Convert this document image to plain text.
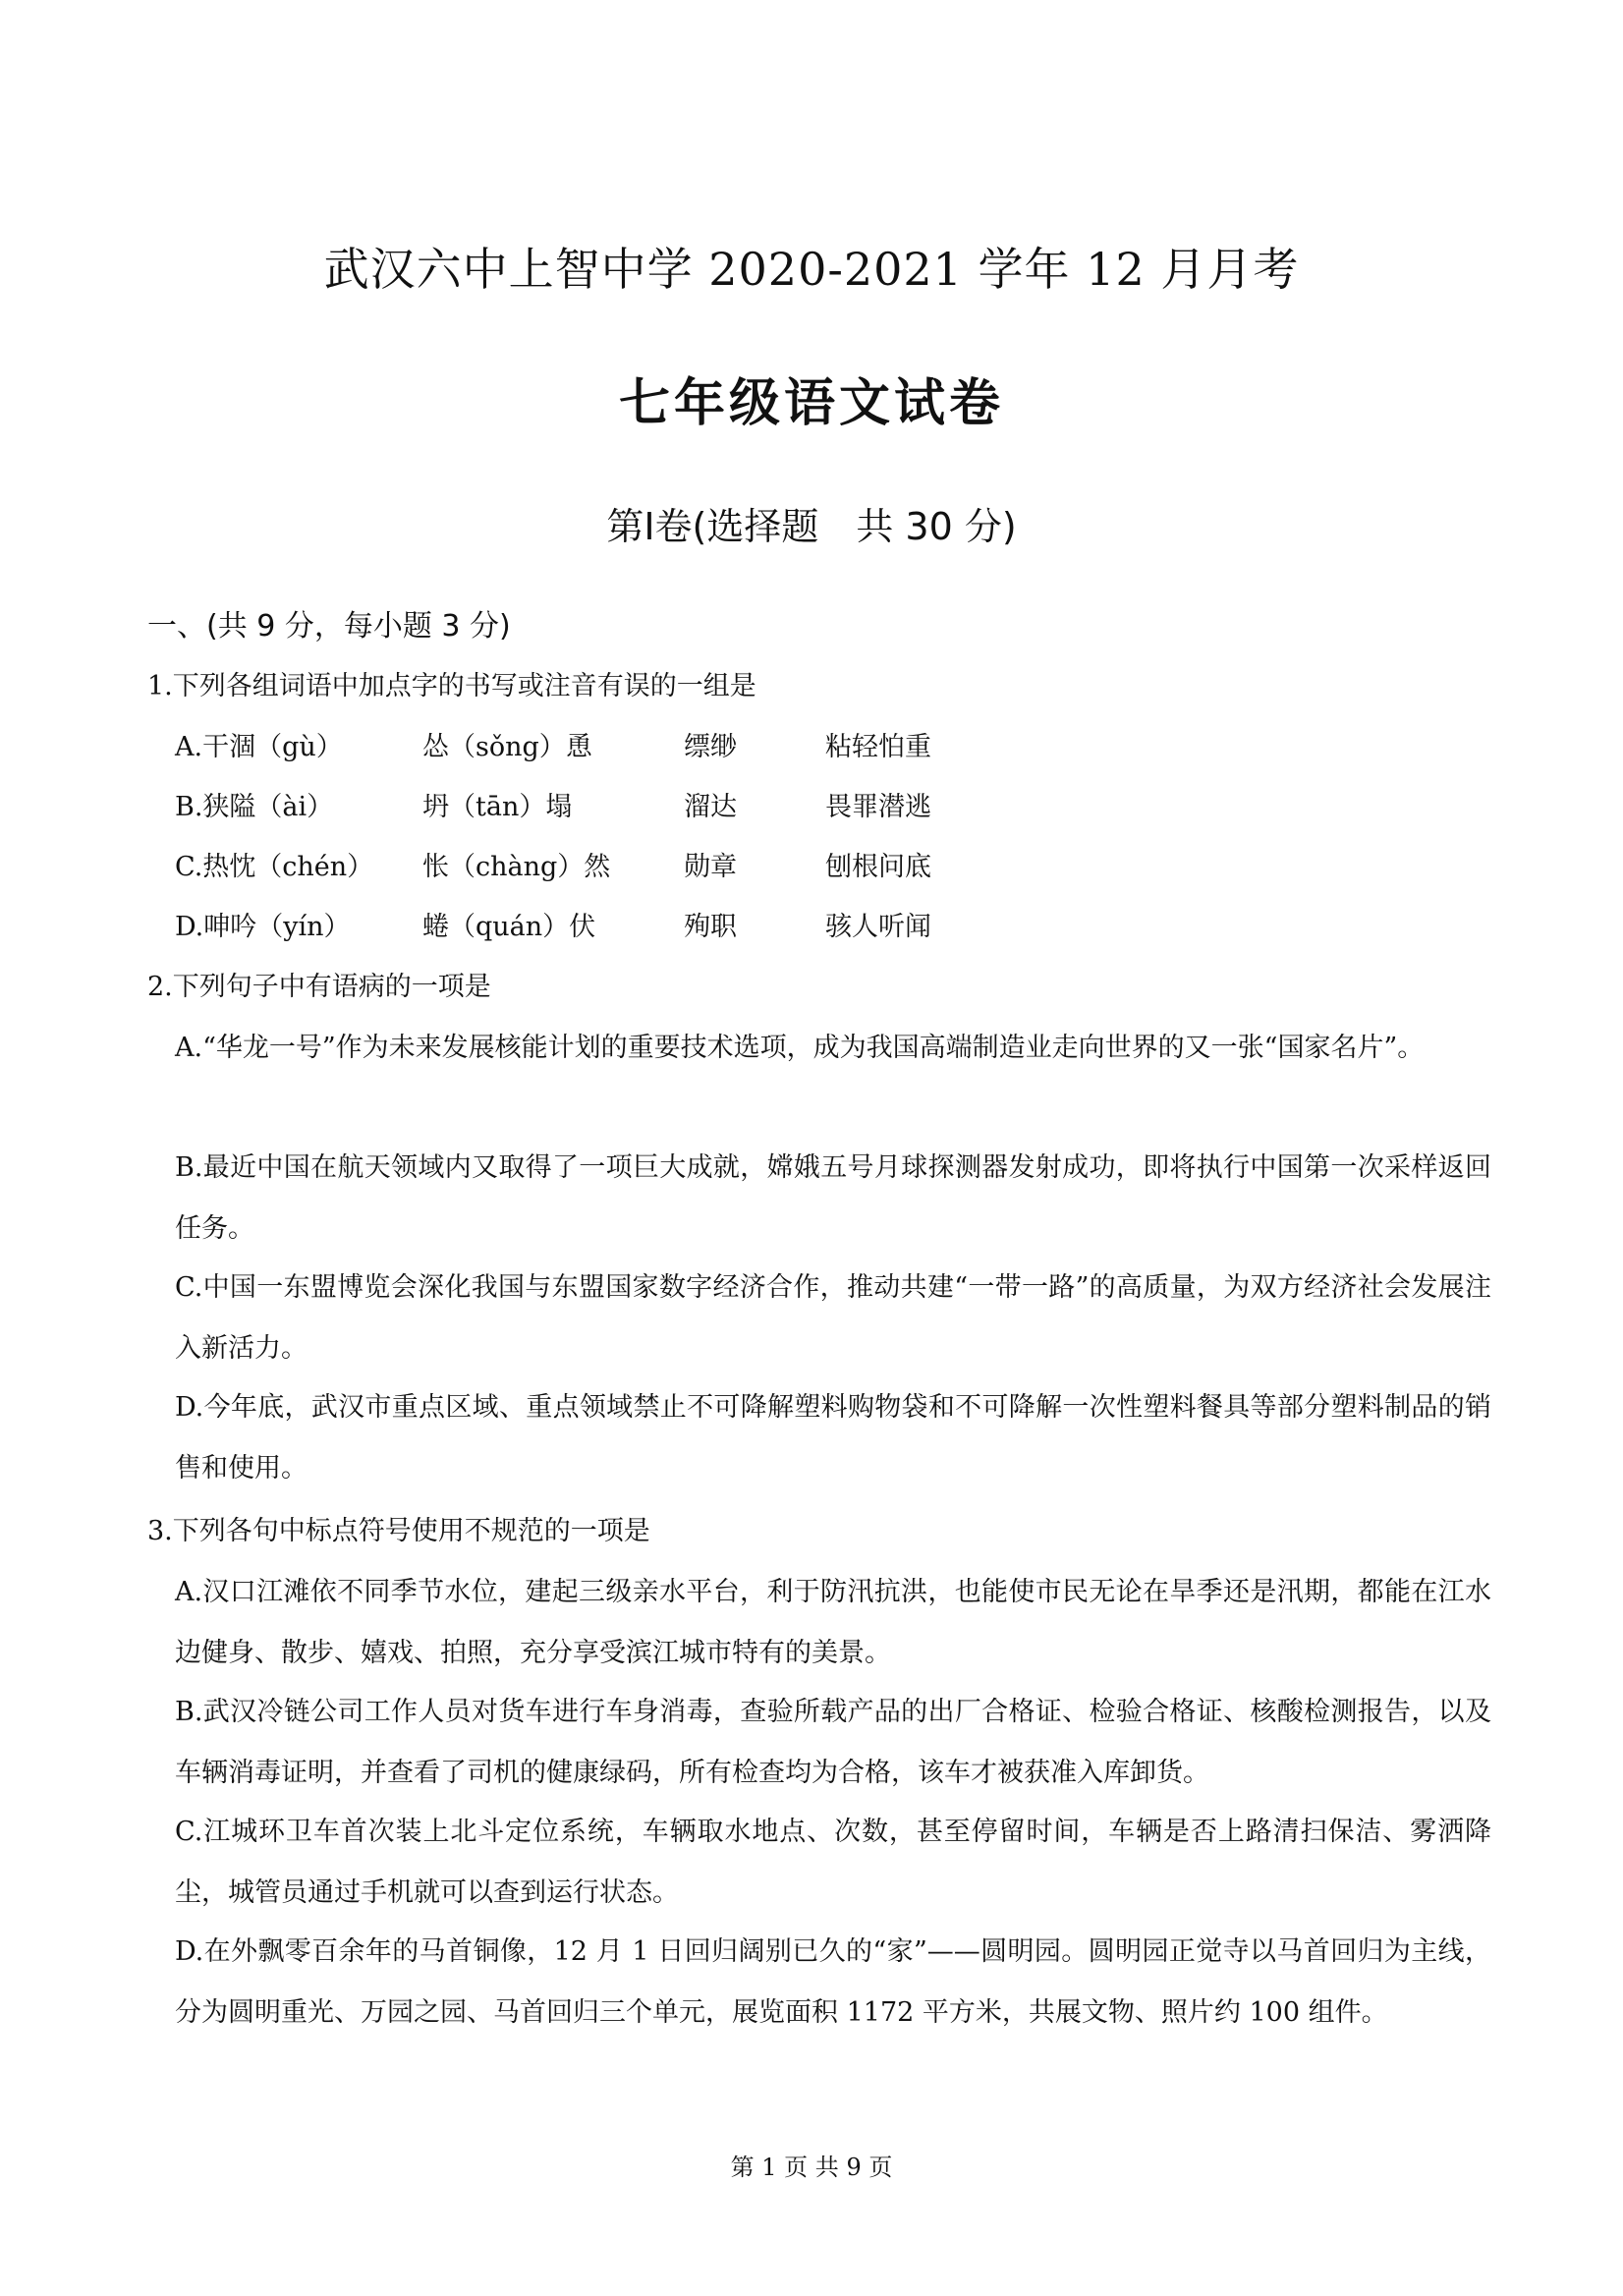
武汉六中上智中学 2020-2021 学年 12 月月考
七年级语文试卷
第Ⅰ卷(选择题　共 30 分)
一、(共 9 分，每小题 3 分)
1.下列各组词语中加点字的书写或注音有误的一组是
A.干涸（gù）	怂（sǒng）恿	缥缈	粘轻怕重
B.狭隘（ài）	坍（tān）塌	溜达	畏罪潜逃
C.热忱（chén） 怅（chàng）然	勋章	刨根问底
D.呻吟（yín）	蜷（quán）伏	殉职	骇人听闻
2.下列句子中有语病的一项是
A.“华龙一号”作为未来发展核能计划的重要技术选项，成为我国高端制造业走向世界的又一张“国家名片”。
B.最近中国在航天领域内又取得了一项巨大成就，嫦娥五号月球探测器发射成功，即将执行中国第一次采样返回任务。
C.中国一东盟博览会深化我国与东盟国家数字经济合作，推动共建“一带一路”的高质量，为双方经济社会发展注入新活力。
D.今年底，武汉市重点区域、重点领域禁止不可降解塑料购物袋和不可降解一次性塑料餐具等部分塑料制品的销售和使用。
3.下列各句中标点符号使用不规范的一项是
A.汉口江滩依不同季节水位，建起三级亲水平台，利于防汛抗洪，也能使市民无论在旱季还是汛期，都能在江水边健身、散步、嬉戏、拍照，充分享受滨江城市特有的美景。
B.武汉冷链公司工作人员对货车进行车身消毒，查验所载产品的出厂合格证、检验合格证、核酸检测报告，以及车辆消毒证明，并查看了司机的健康绿码，所有检查均为合格，该车才被获准入库卸货。
C.江城环卫车首次装上北斗定位系统，车辆取水地点、次数，甚至停留时间，车辆是否上路清扫保洁、雾洒降尘，城管员通过手机就可以查到运行状态。
D.在外飘零百余年的马首铜像，12 月 1 日回归阔别已久的“家”——圆明园。圆明园正觉寺以马首回归为主线，分为圆明重光、万园之园、马首回归三个单元，展览面积 1172 平方米，共展文物、照片约 100 组件。
第 1 页 共 9 页
